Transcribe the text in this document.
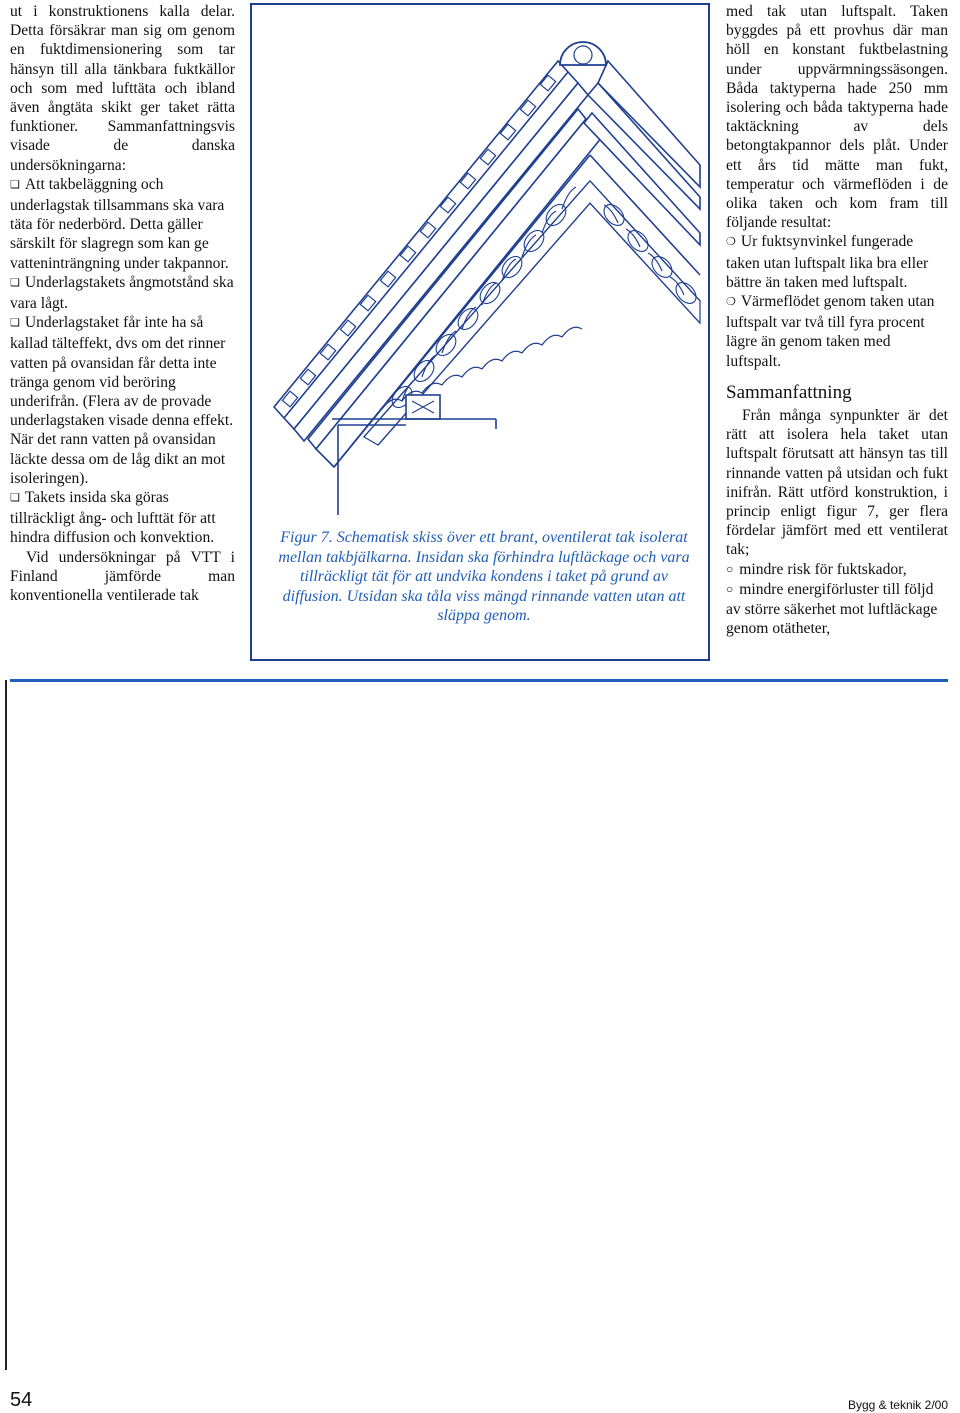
ut i konstruktionens kalla delar. Detta försäkrar man sig om genom en fuktdimensionering som tar hänsyn till alla tänkbara fuktkällor och som med lufttäta och ibland även ångtäta skikt ger taket rätta funktioner. Sammanfattningsvis visade de danska undersökningarna:

❏ Att takbeläggning och underlagstak tillsammans ska vara täta för nederbörd. Detta gäller särskilt för slagregn som kan ge vatteninträngning under takpannor.

❏ Underlagstakets ångmotstånd ska vara lågt.

❏ Underlagstaket får inte ha så kallad tälteffekt, dvs om det rinner vatten på ovansidan får detta inte tränga genom vid beröring underifrån. (Flera av de provade underlagstaken visade denna effekt. När det rann vatten på ovansidan läckte dessa om de låg dikt an mot isoleringen).

❏ Takets insida ska göras tillräckligt ång- och lufttät för att hindra diffusion och konvektion.

Vid undersökningar på VTT i Finland jämförde man konventionella ventilerade tak

Figur 7. Schematisk skiss över ett brant, oventilerat tak isolerat mellan takbjälkarna. Insidan ska förhindra luftläckage och vara tillräckligt tät för att undvika kondens i taket på grund av diffusion. Utsidan ska tåla viss mängd rinnande vatten utan att släppa genom.

med tak utan luftspalt. Taken byggdes på ett provhus där man höll en konstant fuktbelastning under uppvärmningssäsongen. Båda taktyperna hade 250 mm isolering och båda taktyperna hade taktäckning av dels betongtakpannor dels plåt. Under ett års tid mätte man fukt, temperatur och värmeflöden i de olika taken och kom fram till följande resultat:

❍ Ur fuktsynvinkel fungerade taken utan luftspalt lika bra eller bättre än taken med luftspalt.

❍ Värmeflödet genom taken utan luftspalt var två till fyra procent lägre än genom taken med luftspalt.

Sammanfattning

Från många synpunkter är det rätt att isolera hela taket utan luftspalt förutsatt att hänsyn tas till rinnande vatten på utsidan och fukt inifrån. Rätt utförd konstruktion, i princip enligt figur 7, ger flera fördelar jämfört med ett ventilerat tak;

○ mindre risk för fuktskador,

○ mindre energiförluster till följd av större säkerhet mot luftläckage genom otätheter,

54	Bygg & teknik 2/00
